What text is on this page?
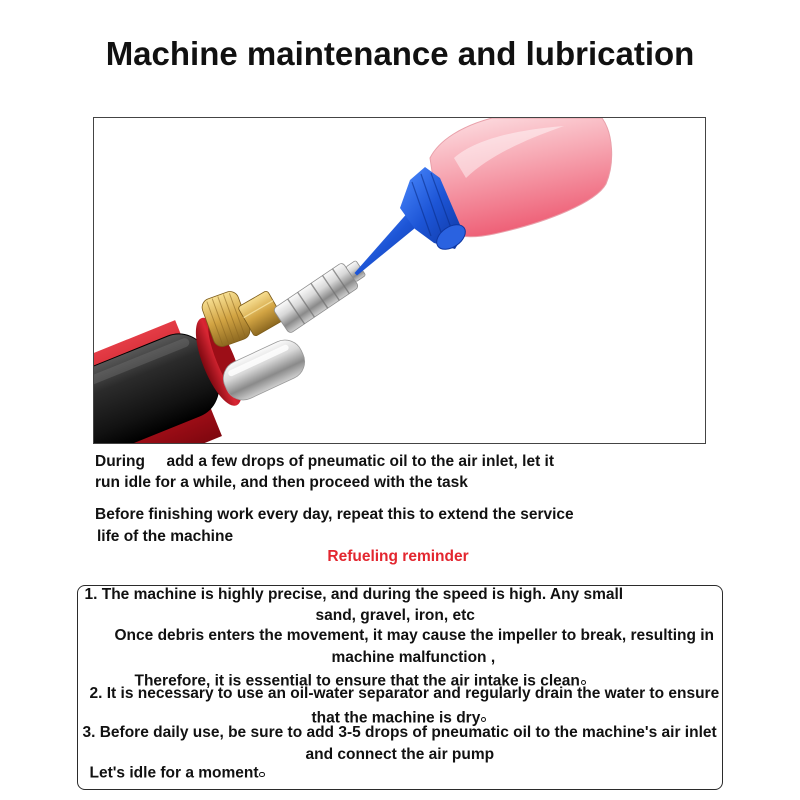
Machine maintenance and lubrication
During     add a few drops of pneumatic oil to the air inlet, let it
run idle for a while, and then proceed with the task
Before finishing work every day, repeat this to extend the service
life of the machine
Refueling reminder
1. The machine is highly precise, and during the speed is high. Any small
sand, gravel, iron, etc
Once debris enters the movement, it may cause the impeller to break, resulting in
machine malfunction ,
Therefore, it is essential to ensure that the air intake is clean
2. It is necessary to use an oil-water separator and regularly drain the water to ensure
that the machine is dry
3. Before daily use, be sure to add 3-5 drops of pneumatic oil to the machine's air inlet
and connect the air pump
Let's idle for a moment
